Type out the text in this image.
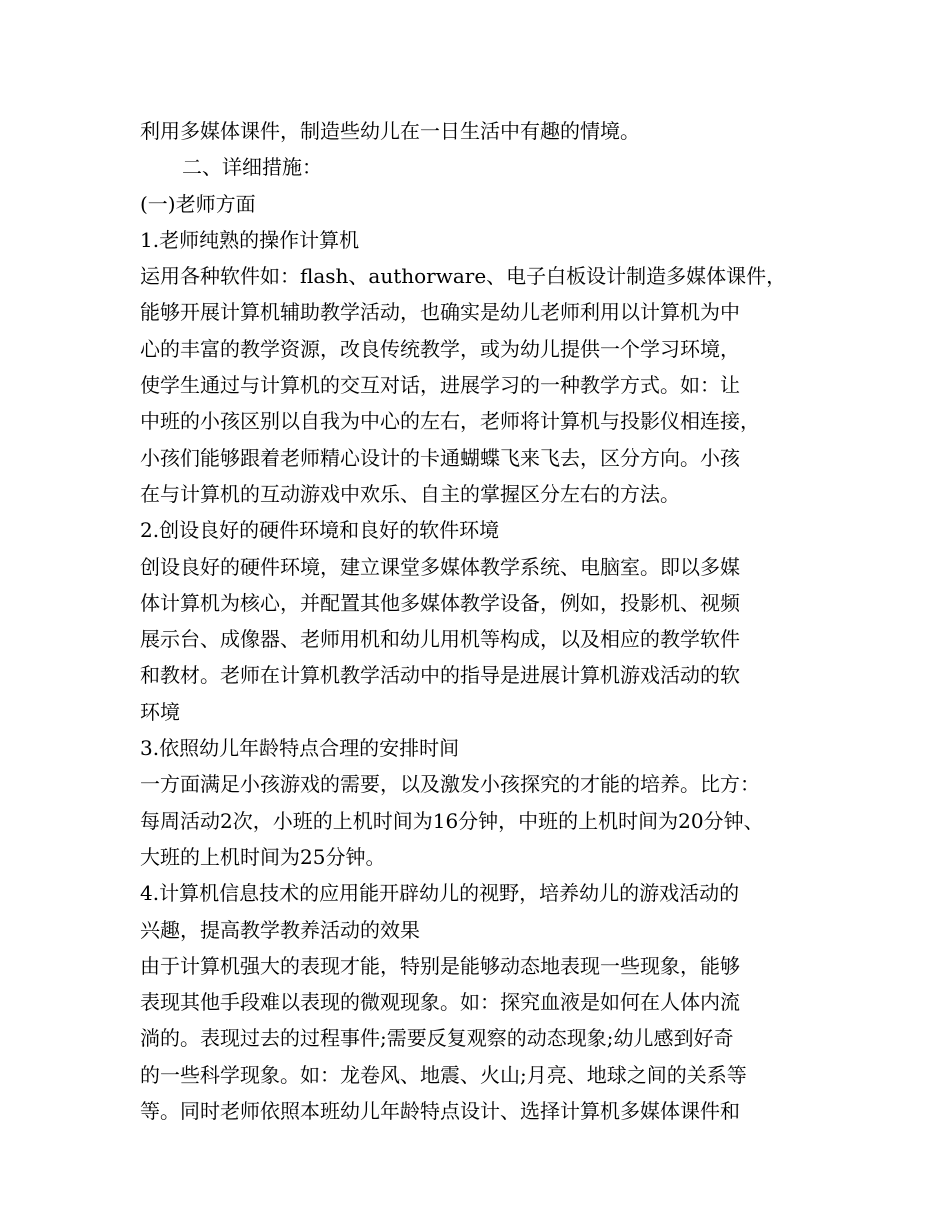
利用多媒体课件，制造些幼儿在一日生活中有趣的情境。
二、详细措施：
(一)老师方面
1.老师纯熟的操作计算机
运用各种软件如：flash、authorware、电子白板设计制造多媒体课件，
能够开展计算机辅助教学活动，也确实是幼儿老师利用以计算机为中
心的丰富的教学资源，改良传统教学，或为幼儿提供一个学习环境，
使学生通过与计算机的交互对话，进展学习的一种教学方式。如：让
中班的小孩区别以自我为中心的左右，老师将计算机与投影仪相连接，
小孩们能够跟着老师精心设计的卡通蝴蝶飞来飞去，区分方向。小孩
在与计算机的互动游戏中欢乐、自主的掌握区分左右的方法。
2.创设良好的硬件环境和良好的软件环境
创设良好的硬件环境，建立课堂多媒体教学系统、电脑室。即以多媒
体计算机为核心，并配置其他多媒体教学设备，例如，投影机、视频
展示台、成像器、老师用机和幼儿用机等构成，以及相应的教学软件
和教材。老师在计算机教学活动中的指导是进展计算机游戏活动的软
环境
3.依照幼儿年龄特点合理的安排时间
一方面满足小孩游戏的需要，以及激发小孩探究的才能的培养。比方：
每周活动2次，小班的上机时间为16分钟，中班的上机时间为20分钟、
大班的上机时间为25分钟。
4.计算机信息技术的应用能开辟幼儿的视野，培养幼儿的游戏活动的
兴趣，提高教学教养活动的效果
由于计算机强大的表现才能，特别是能够动态地表现一些现象，能够
表现其他手段难以表现的微观现象。如：探究血液是如何在人体内流
淌的。表现过去的过程事件;需要反复观察的动态现象;幼儿感到好奇
的一些科学现象。如：龙卷风、地震、火山;月亮、地球之间的关系等
等。同时老师依照本班幼儿年龄特点设计、选择计算机多媒体课件和
